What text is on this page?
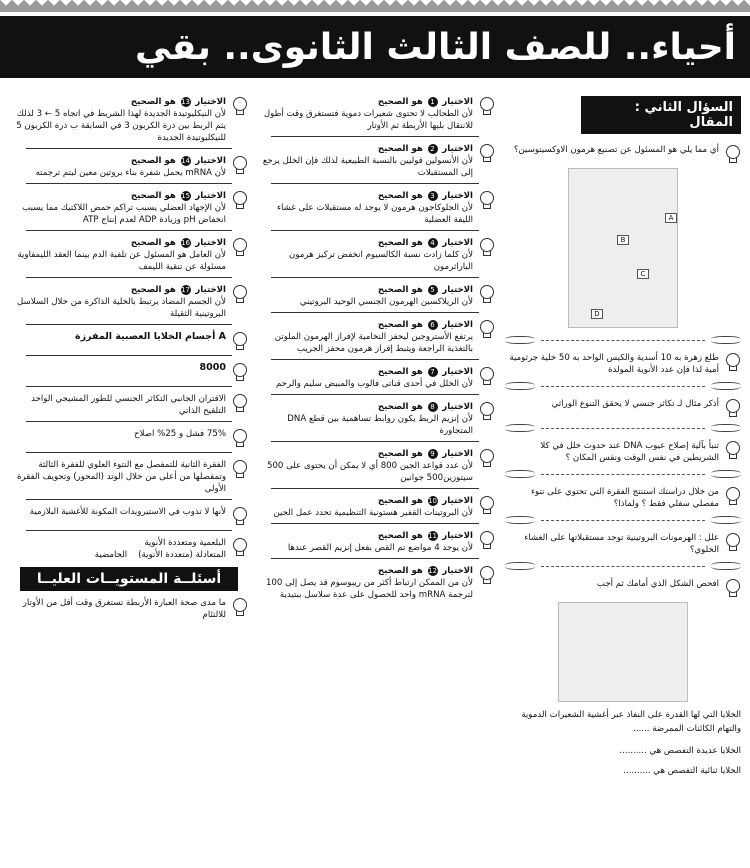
أحياء.. للصف الثالث الثانوى.. بقي
السؤال الثاني : المقال
أي مما يلي هو المسئول عن تصنيع هرمون الاوكسيتوسين؟
A
B
C
D
طلع زهرة به 10 أسدية والكيس الواحد به 50 خلية جرثومية أمية لذا فإن عدد الأنوية المولدة
أذكر مثال لـ تكاثر جنسي لا يحقق التنوع الوراثي
تنبأ بآلية إصلاح عيوب DNA عند حدوث خلل في كلا الشريطين في نفس الوقت ونفس المكان ؟
من خلال دراستك استنتج الفقرة التي تحتوي على نتوء مفصلي سفلي فقط ؟ ولماذا؟
علل : الهرمونات البروتينية توجد مستقبلاتها على الغشاء الخلوي؟
افحص الشكل الذي أمامك ثم أجب
الخلايا التي لها القدرة على النفاذ عبر أغشية الشعيرات الدموية والتهام الكائنات الممرضة ......
الخلايا عديدة التفصص هي ..........
الخلايا ثنائية التفصص هي ..........
الاختيار 1 هو الصحيح
لأن الطحالب لا تحتوى شعيرات دموية فتستغرق وقت أطول للانتقال بليها الأربطة ثم الأوتار
الاختيار 2 هو الصحيح
لأن الأنسولين قوليين بالنسبة الطبيعية لذلك فإن الخلل يرجع إلى المستقبلات
الاختيار 3 هو الصحيح
لأن الجلوكاجون هرمون لا يوجد له مستقبلات على غشاء الليفة العضلية
الاختيار 4 هو الصحيح
لأن كلما زادت نسبة الكالسيوم انخفض تركيز هرمون الباراثرمون
الاختيار 5 هو الصحيح
لأن الريلاكسين الهرمون الجنسي الوحيد البروتيني
الاختيار 6 هو الصحيح
يرتفع الأستروجين ليحفز النخامية لإفراز الهرمون الملوتن بالتغذية الراجعة ويثبط إفراز هرمون محفز الجريب
الاختيار 7 هو الصحيح
لأن الخلل في أحدى قناتى فالوب والمبيض سليم والرحم
الاختيار 8 هو الصحيح
لأن إنزيم الربط يكون روابط تساهمية بين قطع DNA المتجاورة
الاختيار 9 هو الصحيح
لأن عدد قواعد الجين 800 أي لا يمكن أن يحتوى على 500 سيتوزين500 جوانين
الاختيار 10 هو الصحيح
لأن البروتينات القفير هستونية التنظيمية تحدد عمل الجين
الاختيار 11 هو الصحيح
لأن يوجد 4 مواضع تم القص بفعل إنزيم القصر عندها
الاختيار 12 هو الصحيح
لأن من الممكن ارتباط أكثر من ريبوسوم قد يصل إلى 100 لترجمة mRNA واحد للحصول على عدة سلاسل ببتيدية
الاختيار 13 هو الصحيح
لأن النيكليوتيدة الجديدة لهذا الشريط في اتجاه 5 ← 3 لذلك يتم الربط بين ذرة الكربون 3 في السابقة ب ذرة الكربون 5 للنيكليوتيدة الجديدة
الاختيار 14 هو الصحيح
لأن mRNA يحمل شفرة بناء بروتين معين ليتم ترجمته
الاختيار 15 هو الصحيح
لأن الإجهاد العضلي يسبب تراكم حمض اللاكتيك مما يسبب انخفاض pH وزيادة ADP لعدم إنتاج ATP
الاختيار 16 هو الصحيح
لأن العامل هو المسئول عن تلفية الدم بينما العقد الليمفاوية مسئولة عن تنقية الليمف
الاختيار 17 هو الصحيح
لأن الجسم المضاد يرتبط بالخلية الذاكرة من خلال السلاسل البروتينية الثقيلة
A أجسام الخلايا العصبية المفرزة
8000
الاقتران الجانبي التكاثر الجنسي للطور المشيجي الواحد التلقيح الذاتي
75% فشل و 25% اصلاح
الفقرة الثانية للتمفصل مع النتوء العلوي للفقرة الثالثة وتمفصلها من أعلى من خلال الوتد (المحور) وتجويف الفقرة الأولى
لأنها لا تذوب في الاستيرويدات المكونة للأغشية البلازمية
البلعمية ومتعددة الأنوية
المتعادلة (متعددة الأنوية)    الحامضية
أسئلــة المستويــات العليــا
ما مدى صحة العبارة الأربطة تستغرق وقت أقل من الأوتار للالتئام
